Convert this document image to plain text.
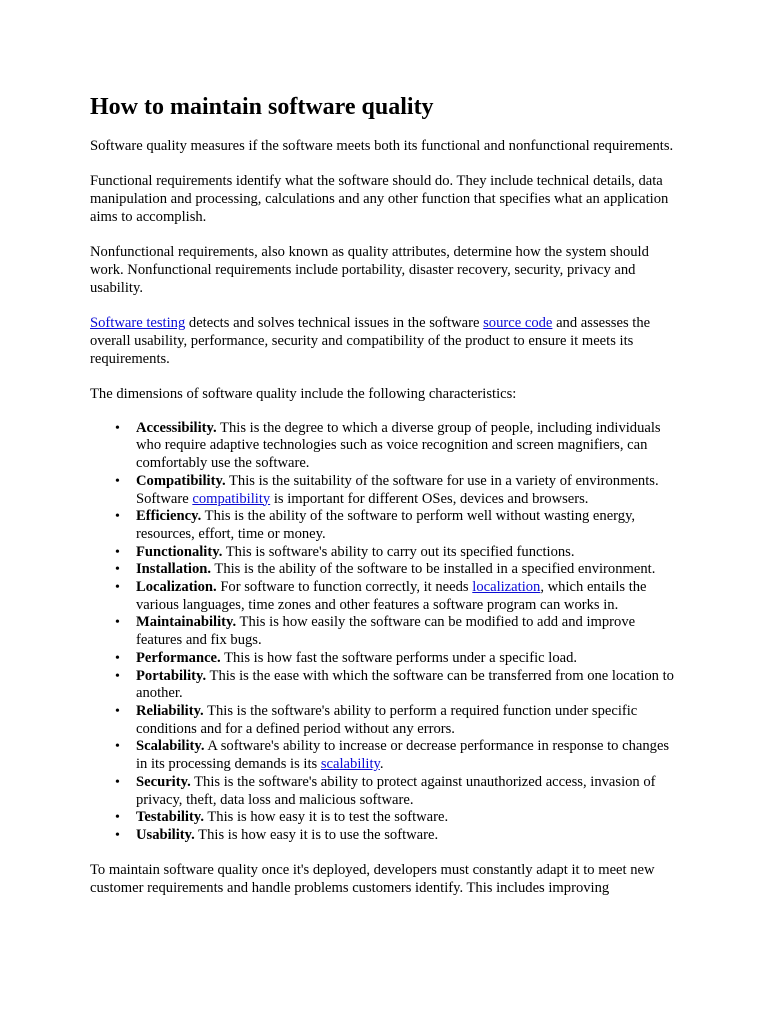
How to maintain software quality

Software quality measures if the software meets both its functional and nonfunctional requirements.

Functional requirements identify what the software should do. They include technical details, data manipulation and processing, calculations and any other function that specifies what an application aims to accomplish.

Nonfunctional requirements, also known as quality attributes, determine how the system should work. Nonfunctional requirements include portability, disaster recovery, security, privacy and usability.

Software testing detects and solves technical issues in the software source code and assesses the overall usability, performance, security and compatibility of the product to ensure it meets its requirements.

The dimensions of software quality include the following characteristics:

• Accessibility. This is the degree to which a diverse group of people, including individuals who require adaptive technologies such as voice recognition and screen magnifiers, can comfortably use the software.
• Compatibility. This is the suitability of the software for use in a variety of environments. Software compatibility is important for different OSes, devices and browsers.
• Efficiency. This is the ability of the software to perform well without wasting energy, resources, effort, time or money.
• Functionality. This is software's ability to carry out its specified functions.
• Installation. This is the ability of the software to be installed in a specified environment.
• Localization. For software to function correctly, it needs localization, which entails the various languages, time zones and other features a software program can works in.
• Maintainability. This is how easily the software can be modified to add and improve features and fix bugs.
• Performance. This is how fast the software performs under a specific load.
• Portability. This is the ease with which the software can be transferred from one location to another.
• Reliability. This is the software's ability to perform a required function under specific conditions and for a defined period without any errors.
• Scalability. A software's ability to increase or decrease performance in response to changes in its processing demands is its scalability.
• Security. This is the software's ability to protect against unauthorized access, invasion of privacy, theft, data loss and malicious software.
• Testability. This is how easy it is to test the software.
• Usability. This is how easy it is to use the software.

To maintain software quality once it's deployed, developers must constantly adapt it to meet new customer requirements and handle problems customers identify. This includes improving
